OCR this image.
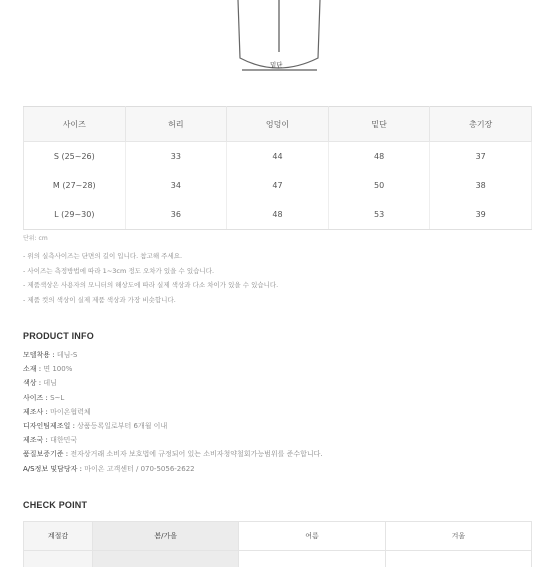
밑단
사이즈	허리	엉덩이	밑단	총기장
S (25~26)	33	44	48	37
M (27~28)	34	47	50	38
L (29~30)	36	48	53	39
단위: cm
- 위의 실측사이즈는 단면의 길이 입니다. 참고해 주세요.
- 사이즈는 측정방법에 따라 1~3cm 정도 오차가 있을 수 있습니다.
- 제품색상은 사용자의 모니터의 해상도에 따라 실제 색상과 다소 차이가 있을 수 있습니다.
- 제품 컷의 색상이 실제 제품 색상과 가장 비슷합니다.
PRODUCT INFO
모델착용 : 데님-S
소재 : 면 100%
색상 : 데님
사이즈 : S~L
제조사 : 마이온협력체
디자인팀제조일 : 상품등록일로부터 6개월 이내
제조국 : 대한민국
품질보증기준 : 전자상거래 소비자 보호법에 규정되어 있는 소비자청약철회가능범위를 준수합니다.
A/S정보 및담당자 : 마이온 고객센터 / 070-5056-2622
CHECK POINT
계절감	봄/가을	여름	겨울
